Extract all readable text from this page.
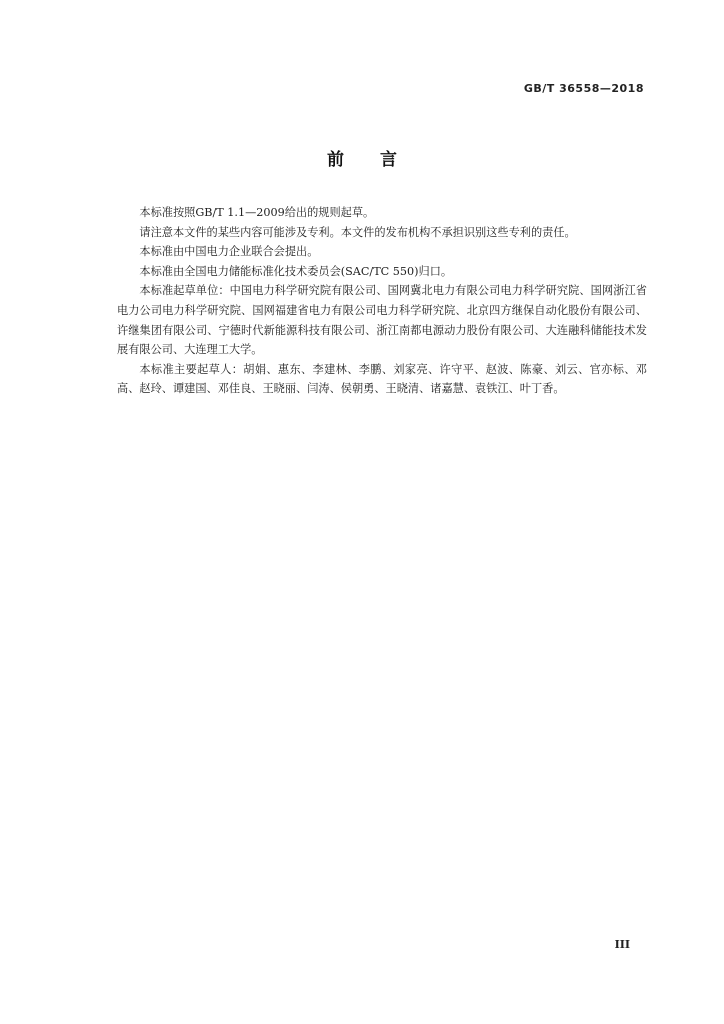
GB/T 36558—2018
前言

本标准按照GB/T 1.1—2009给出的规则起草。

请注意本文件的某些内容可能涉及专利。本文件的发布机构不承担识别这些专利的责任。

本标准由中国电力企业联合会提出。

本标准由全国电力储能标准化技术委员会(SAC/TC 550)归口。

本标准起草单位：中国电力科学研究院有限公司、国网冀北电力有限公司电力科学研究院、国网浙江省电力公司电力科学研究院、国网福建省电力有限公司电力科学研究院、北京四方继保自动化股份有限公司、许继集团有限公司、宁德时代新能源科技有限公司、浙江南都电源动力股份有限公司、大连融科储能技术发展有限公司、大连理工大学。

本标准主要起草人：胡娟、惠东、李建林、李鹏、刘家亮、许守平、赵波、陈豪、刘云、官亦标、邓高、赵玲、谭建国、邓佳良、王晓丽、闫涛、侯朝勇、王晓清、诸嘉慧、袁铁江、叶丁香。

III
